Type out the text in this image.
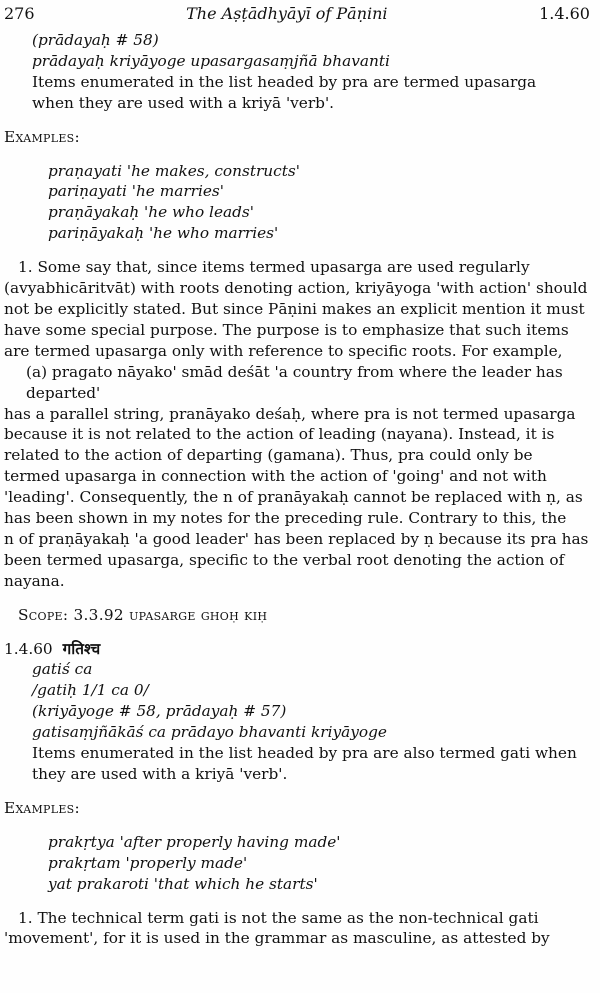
276	The Aṣṭādhyāyī of Pāṇini	1.4.60

(prādayaḥ # 58)

prādayaḥ kriyāyoge upasargasaṃjñā bhavanti

Items enumerated in the list headed by pra are termed upasarga

when they are used with a kriyā 'verb'.

Examples:

praṇayati 'he makes, constructs'

pariṇayati 'he marries'

praṇāyakaḥ 'he who leads'

pariṇāyakaḥ 'he who marries'

1. Some say that, since items termed upasarga are used regularly

(avyabhicāritvāt) with roots denoting action, kriyāyoga 'with action' should

not be explicitly stated. But since Pāṇini makes an explicit mention it must

have some special purpose. The purpose is to emphasize that such items

are termed upasarga only with reference to specific roots. For example,

(a) pragato nāyako' smād deśāt 'a country from where the leader has

departed'

has a parallel string, pranāyako deśaḥ, where pra is not termed upasarga

because it is not related to the action of leading (nayana). Instead, it is

related to the action of departing (gamana). Thus, pra could only be

termed upasarga in connection with the action of 'going' and not with

'leading'. Consequently, the n of pranāyakaḥ cannot be replaced with ṇ, as

has been shown in my notes for the preceding rule. Contrary to this, the

n of praṇāyakaḥ 'a good leader' has been replaced by ṇ because its pra has

been termed upasarga, specific to the verbal root denoting the action of

nayana.

Scope: 3.3.92 upasarge ghoḥ kiḥ

1.4.60 गतिश्च

gatiś ca

/gatiḥ 1/1 ca 0/

(kriyāyoge # 58, prādayaḥ # 57)

gatisaṃjñākāś ca prādayo bhavanti kriyāyoge

Items enumerated in the list headed by pra are also termed gati when

they are used with a kriyā 'verb'.

Examples:

prakṛtya 'after properly having made'

prakṛtam 'properly made'

yat prakaroti 'that which he starts'

1. The technical term gati is not the same as the non-technical gati

'movement', for it is used in the grammar as masculine, as attested by
